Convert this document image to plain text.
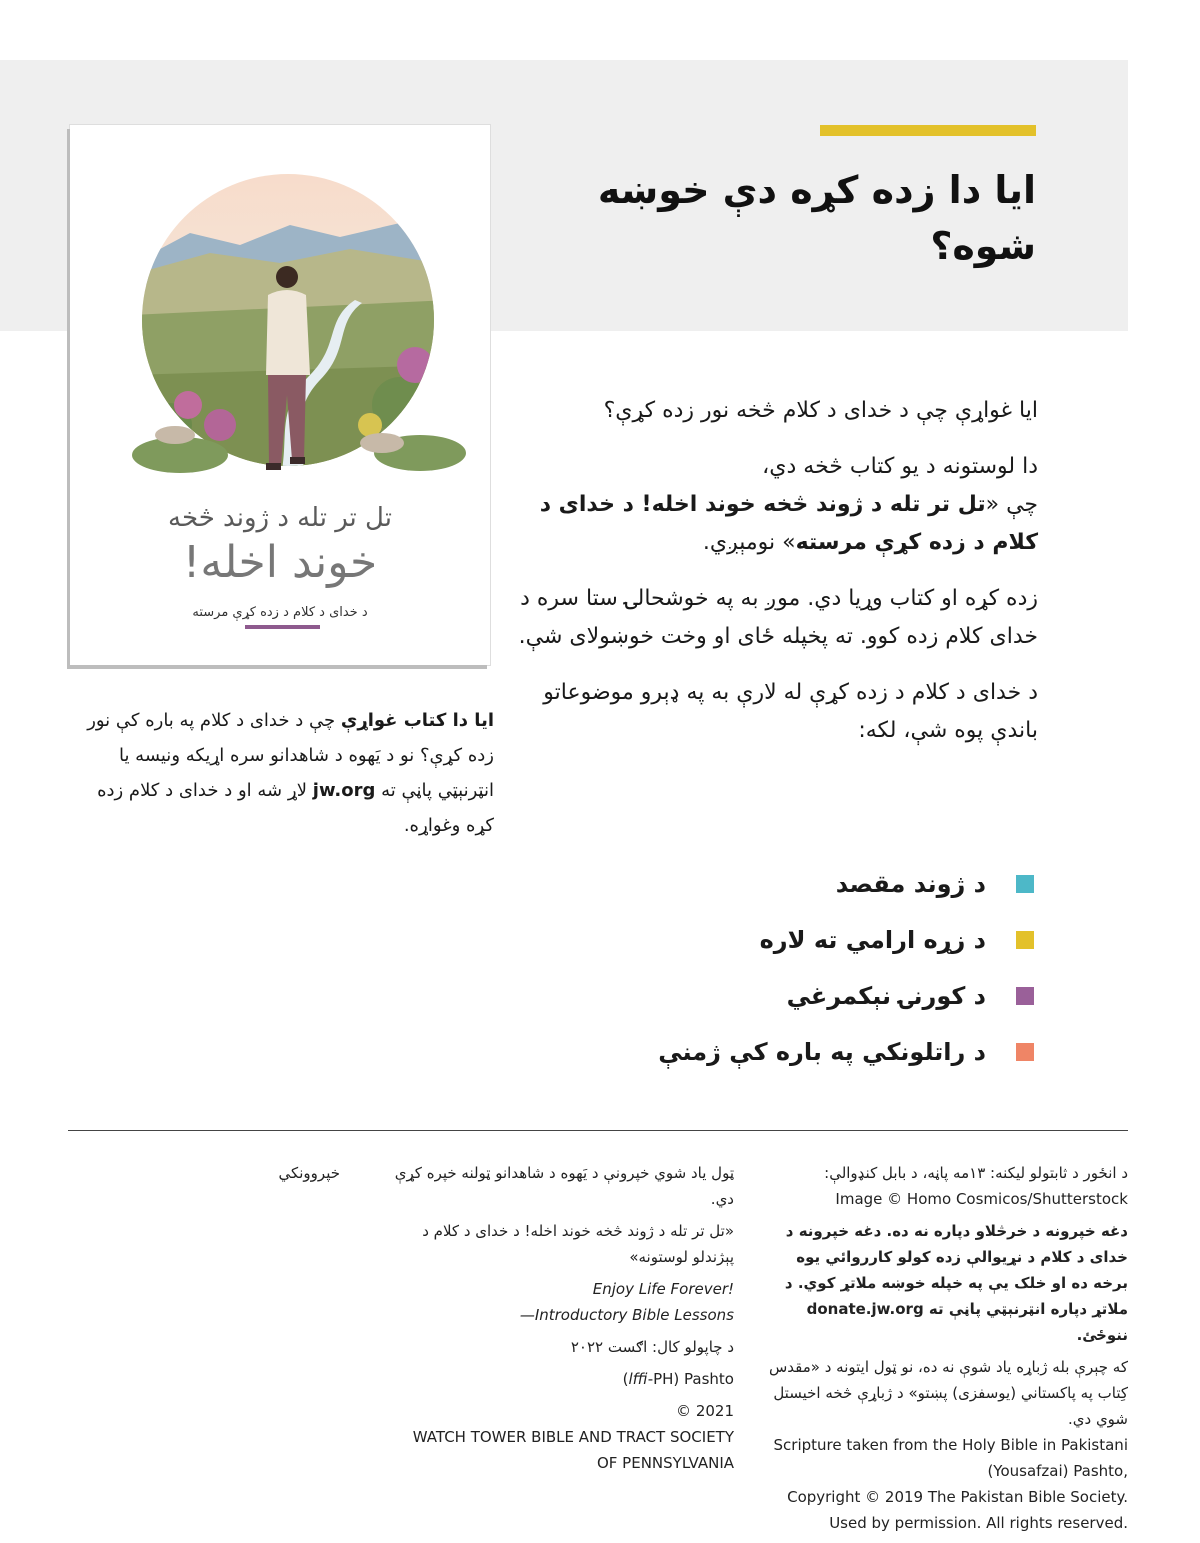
ایا دا زده کړه دې خوښه شوه؟
تل تر تله د ژوند څخه
خوند اخله!
د خدای د کلام د زده کړې مرسته

ایا دا کتاب غواړې چې د خدای د کلام په باره کې نور زده کړې؟ نو د یَهوه د شاهدانو سره اړیکه ونیسه یا انټرنېټي پاڼې ته jw.org لاړ شه او د خدای د کلام زده کړه وغواړه.

ایا غواړې چې د خدای د کلام څخه نور زده کړې؟

دا لوستونه د یو کتاب څخه دي،
چې «تل تر تله د ژوند څخه خوند اخله! د خدای د کلام د زده کړې مرسته» نومېږي.

زده کړه او کتاب وړیا دي. موږ به په خوشحالۍ ستا سره د خدای کلام زده کوو. ته پخپله ځای او وخت خوښولای شې.

د خدای د کلام د زده کړې له لارې به په ډېرو موضوعاتو باندې پوه شې، لکه:

د ژوند مقصد
د زړه ارامي ته لاره
د کورنۍ نېکمرغي
د راتلونکي په باره کې ژمنې

د انځور د ثابتولو لیکنه: ۱۳مه پاڼه، د بابل کنډوالې:

Image © Homo Cosmicos/Shutterstock

دغه خپرونه د خرڅلاو دپاره نه ده. دغه خپرونه د خدای د کلام د نړیوالې زده کولو کارروائي یوه برخه ده او خلک یې په خپله خوښه ملاتړ کوي. د ملاتړ دپاره انټرنېټي پاڼې ته donate.jw.org ننوځئ.

که چېرې بله ژباړه یاد شوې نه ده، نو ټول ایتونه د «مقدس کِتاب په پاکستاني (یوسفزی) پښتو» د ژباړې څخه اخیستل شوي دي.

Scripture taken from the Holy Bible in Pakistani (Yousafzai) Pashto,

Copyright © 2019 The Pakistan Bible Society.

Used by permission. All rights reserved.

ټول یاد شوي خپرونې د یَهوه د شاهدانو ټولنه خپره کړې دي.

«تل تر تله د ژوند څخه خوند اخله! د خدای د کلام د پېژندلو لوستونه»

Enjoy Life Forever!

—Introductory Bible Lessons

د چاپولو کال: اګست ۲۰۲۲

(lffi-PH) Pashto

© 2021

WATCH TOWER BIBLE AND TRACT SOCIETY

OF PENNSYLVANIA

خپروونکي
